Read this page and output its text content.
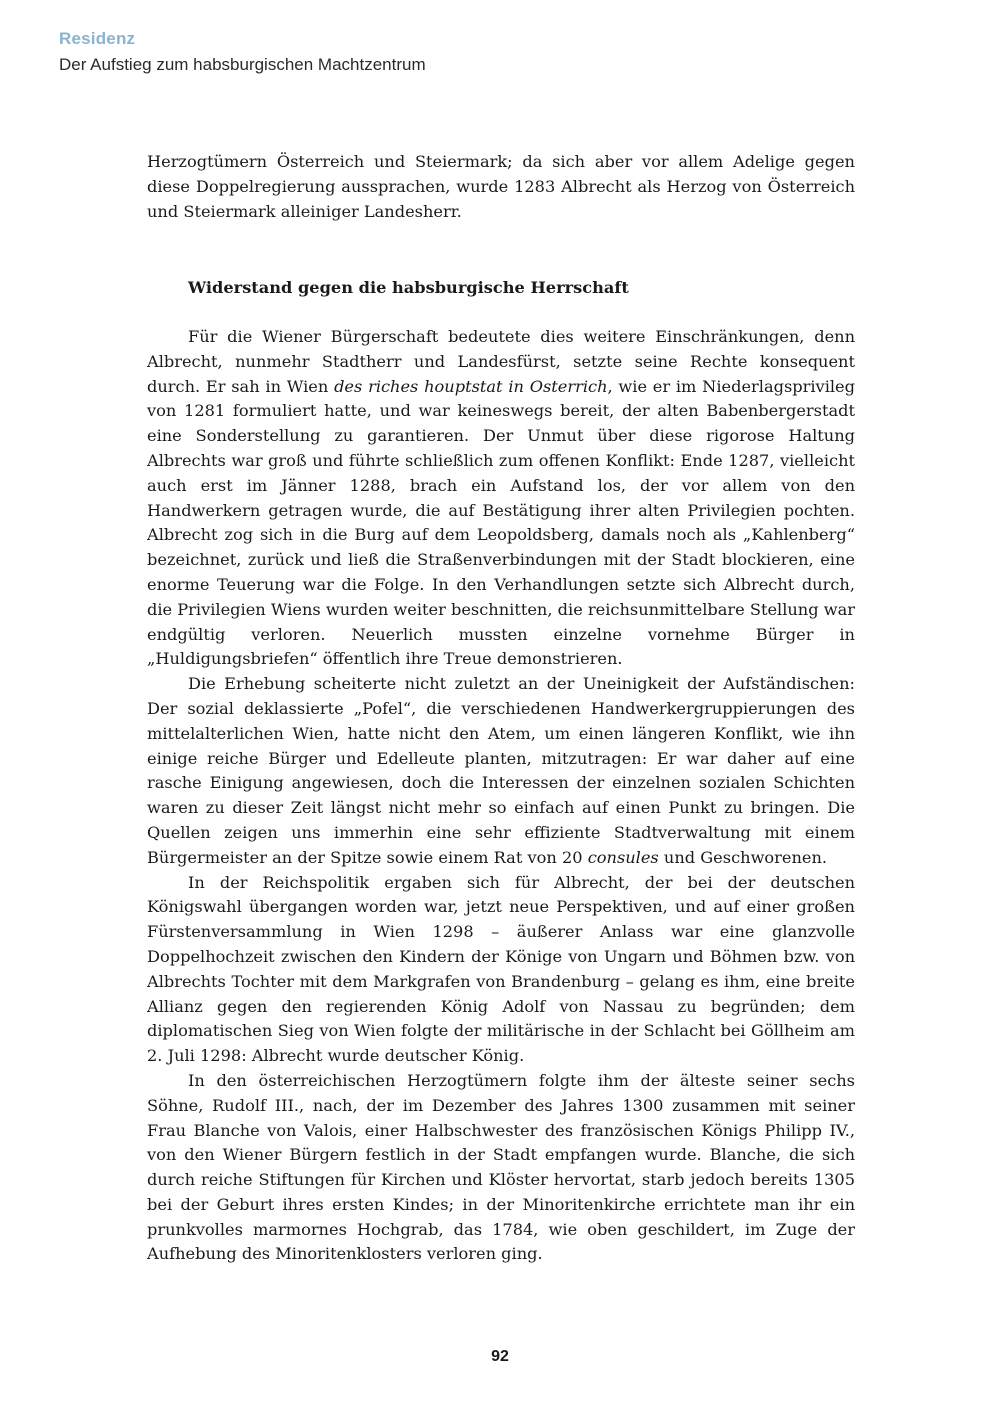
Residenz
Der Aufstieg zum habsburgischen Machtzentrum

Herzogtümern Österreich und Steiermark; da sich aber vor allem Adelige gegen diese Doppelregierung aussprachen, wurde 1283 Albrecht als Herzog von Österreich und Steiermark alleiniger Landesherr.

Widerstand gegen die habsburgische Herrschaft

Für die Wiener Bürgerschaft bedeutete dies weitere Einschränkungen, denn Albrecht, nunmehr Stadtherr und Landesfürst, setzte seine Rechte konsequent durch. Er sah in Wien des riches houptstat in Osterrich, wie er im Niederlagsprivileg von 1281 formuliert hatte, und war keineswegs bereit, der alten Babenbergerstadt eine Sonderstellung zu garantieren. Der Unmut über diese rigorose Haltung Albrechts war groß und führte schließlich zum offenen Konflikt: Ende 1287, vielleicht auch erst im Jänner 1288, brach ein Aufstand los, der vor allem von den Handwerkern getragen wurde, die auf Bestätigung ihrer alten Privilegien pochten. Albrecht zog sich in die Burg auf dem Leopoldsberg, damals noch als „Kahlenberg“ bezeichnet, zurück und ließ die Straßenverbindungen mit der Stadt blockieren, eine enorme Teuerung war die Folge. In den Verhandlungen setzte sich Albrecht durch, die Privilegien Wiens wurden weiter beschnitten, die reichsunmittelbare Stellung war endgültig verloren. Neuerlich mussten einzelne vornehme Bürger in „Huldigungsbriefen“ öffentlich ihre Treue demonstrieren.

Die Erhebung scheiterte nicht zuletzt an der Uneinigkeit der Aufständischen: Der sozial deklassierte „Pofel“, die verschiedenen Handwerkergruppierungen des mittelalterlichen Wien, hatte nicht den Atem, um einen längeren Konflikt, wie ihn einige reiche Bürger und Edelleute planten, mitzutragen: Er war daher auf eine rasche Einigung angewiesen, doch die Interessen der einzelnen sozialen Schichten waren zu dieser Zeit längst nicht mehr so einfach auf einen Punkt zu bringen. Die Quellen zeigen uns immerhin eine sehr effiziente Stadtverwaltung mit einem Bürgermeister an der Spitze sowie einem Rat von 20 consules und Geschworenen.

In der Reichspolitik ergaben sich für Albrecht, der bei der deutschen Königswahl übergangen worden war, jetzt neue Perspektiven, und auf einer großen Fürstenversammlung in Wien 1298 – äußerer Anlass war eine glanzvolle Doppelhochzeit zwischen den Kindern der Könige von Ungarn und Böhmen bzw. von Albrechts Tochter mit dem Markgrafen von Brandenburg – gelang es ihm, eine breite Allianz gegen den regierenden König Adolf von Nassau zu begründen; dem diplomatischen Sieg von Wien folgte der militärische in der Schlacht bei Göllheim am 2. Juli 1298: Albrecht wurde deutscher König.

In den österreichischen Herzogtümern folgte ihm der älteste seiner sechs Söhne, Rudolf III., nach, der im Dezember des Jahres 1300 zusammen mit seiner Frau Blanche von Valois, einer Halbschwester des französischen Königs Philipp IV., von den Wiener Bürgern festlich in der Stadt empfangen wurde. Blanche, die sich durch reiche Stiftungen für Kirchen und Klöster hervortat, starb jedoch bereits 1305 bei der Geburt ihres ersten Kindes; in der Minoritenkirche errichtete man ihr ein prunkvolles marmornes Hochgrab, das 1784, wie oben geschildert, im Zuge der Aufhebung des Minoritenklosters verloren ging.

92
